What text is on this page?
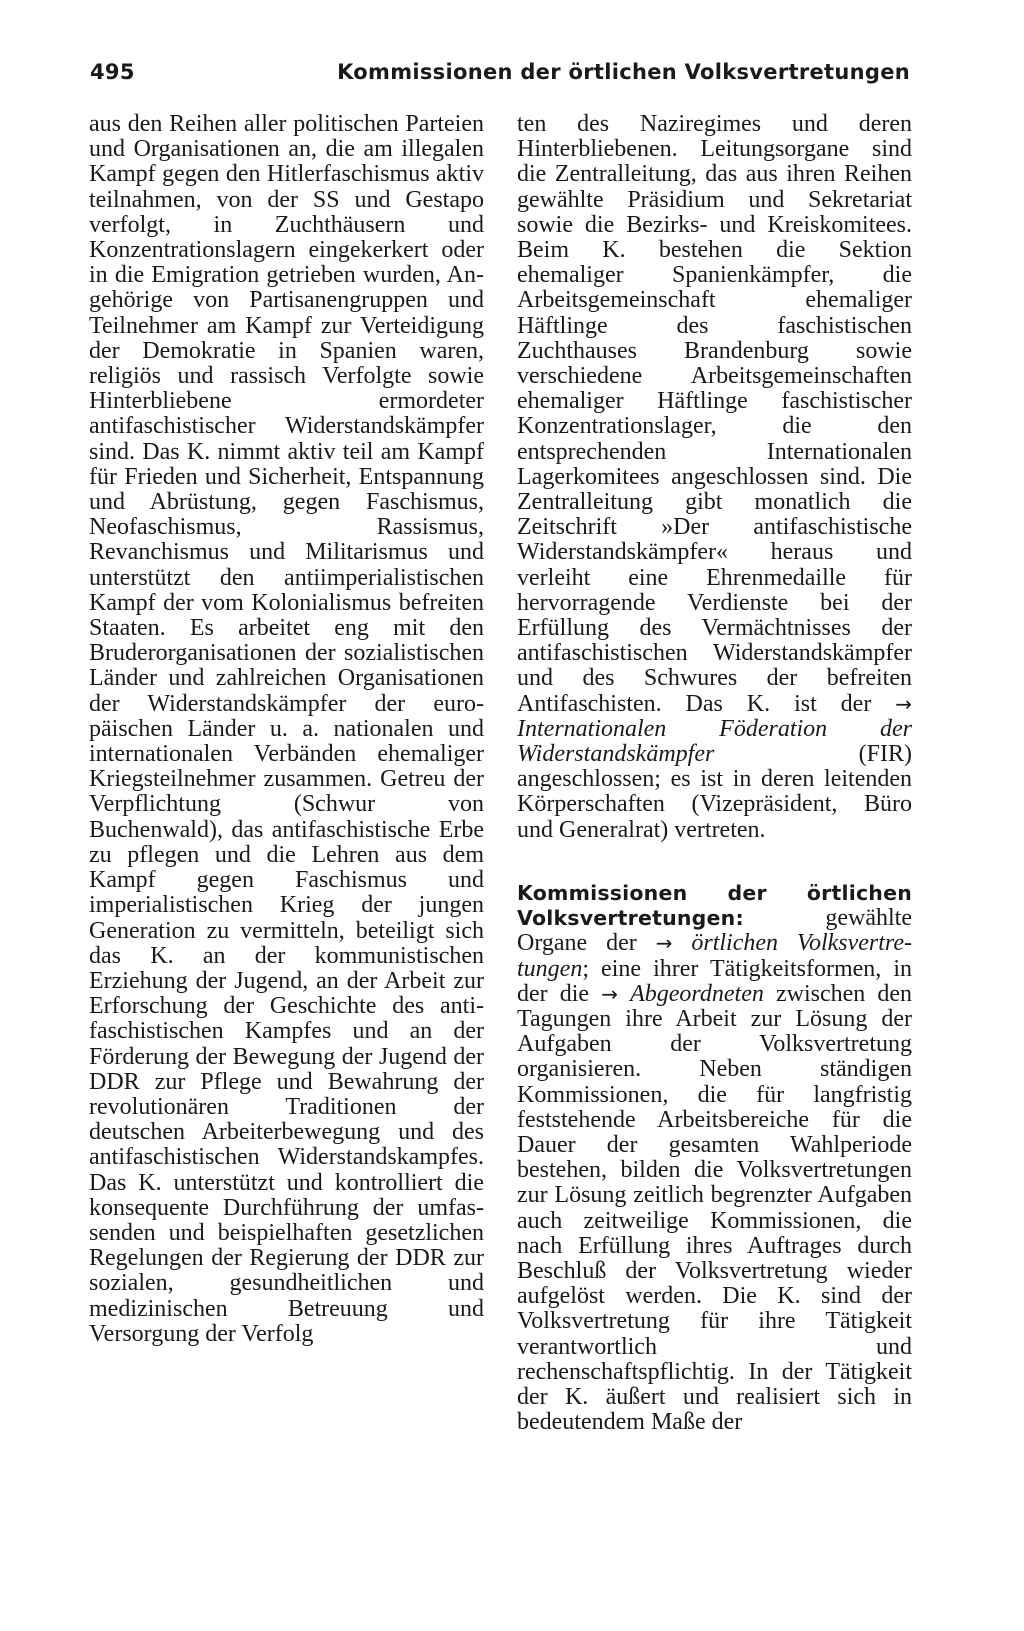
495	Kommissionen der örtlichen Volksvertretungen

aus den Reihen aller politischen Parteien und Organisationen an, die am illegalen Kampf gegen den Hitlerfaschismus aktiv teilnahmen, von der SS und Gestapo verfolgt, in Zuchthäusern und Konzentrationslagern eingekerkert oder in die Emigration getrieben wurden, Angehörige von Partisanengruppen und Teilnehmer am Kampf zur Verteidigung der Demokratie in Spanien waren, religiös und rassisch Verfolgte sowie Hinterbliebene ermordeter antifaschistischer Widerstandskämpfer sind. Das K. nimmt aktiv teil am Kampf für Frieden und Sicherheit, Entspannung und Abrüstung, gegen Faschismus, Neofaschismus, Rassismus, Revanchismus und Militarismus und unterstützt den antiimperialistischen Kampf der vom Kolonialismus befreiten Staaten. Es arbeitet eng mit den Bruderorganisationen der sozialistischen Länder und zahlreichen Organisationen der Widerstandskämpfer der europäischen Länder u. a. nationalen und internationalen Verbänden ehemaliger Kriegsteilnehmer zusammen. Getreu der Verpflichtung (Schwur von Buchenwald), das antifaschistische Erbe zu pflegen und die Lehren aus dem Kampf gegen Faschismus und imperialistischen Krieg der jungen Generation zu vermitteln, beteiligt sich das K. an der kommunistischen Erziehung der Jugend, an der Arbeit zur Erforschung der Geschichte des antifaschistischen Kampfes und an der Förderung der Bewegung der Jugend der DDR zur Pflege und Bewahrung der revolutionären Traditionen der deutschen Arbeiterbewegung und des antifaschistischen Widerstandskampfes. Das K. unterstützt und kontrolliert die konsequente Durchführung der umfassenden und beispielhaften gesetzlichen Regelungen der Regierung der DDR zur sozialen, gesundheitlichen und medizinischen Betreuung und Versorgung der Verfolg

ten des Naziregimes und deren Hinterbliebenen. Leitungsorgane sind die Zentralleitung, das aus ihren Reihen gewählte Präsidium und Sekretariat sowie die Bezirks- und Kreiskomitees. Beim K. bestehen die Sektion ehemaliger Spanienkämpfer, die Arbeitsgemeinschaft ehemaliger Häftlinge des faschistischen Zuchthauses Brandenburg sowie verschiedene Arbeitsgemeinschaften ehemaliger Häftlinge faschistischer Konzentrationslager, die den entsprechenden Internationalen Lagerkomitees angeschlossen sind. Die Zentralleitung gibt monatlich die Zeitschrift »Der antifaschistische Widerstandskämpfer« heraus und verleiht eine Ehrenmedaille für hervorragende Verdienste bei der Erfüllung des Vermächtnisses der antifaschistischen Widerstandskämpfer und des Schwures der befreiten Antifaschisten. Das K. ist der → Internationalen Föderation der Widerstandskämpfer	(FIR) angeschlossen; es ist in deren leitenden Körperschaften (Vizepräsident, Büro und Generalrat) vertreten.

Kommissionen der örtlichen Volksvertretungen:	gewählte Organe der → örtlichen Volksvertretungen; eine ihrer Tätigkeitsformen, in der die → Abgeordneten zwischen den Tagungen ihre Arbeit zur Lösung der Aufgaben der Volksvertretung organisieren. Neben ständigen Kommissionen, die für langfristig feststehende Arbeitsbereiche für die Dauer der gesamten Wahlperiode bestehen, bilden die Volksvertretungen zur Lösung zeitlich begrenzter Aufgaben auch zeitweilige Kommissionen, die nach Erfüllung ihres Auftrages durch Beschluß der Volksvertretung wieder aufgelöst werden. Die K. sind der Volksvertretung für ihre Tätigkeit verantwortlich und rechenschaftspflichtig. In der Tätigkeit der K. äußert und realisiert sich in bedeutendem Maße der
